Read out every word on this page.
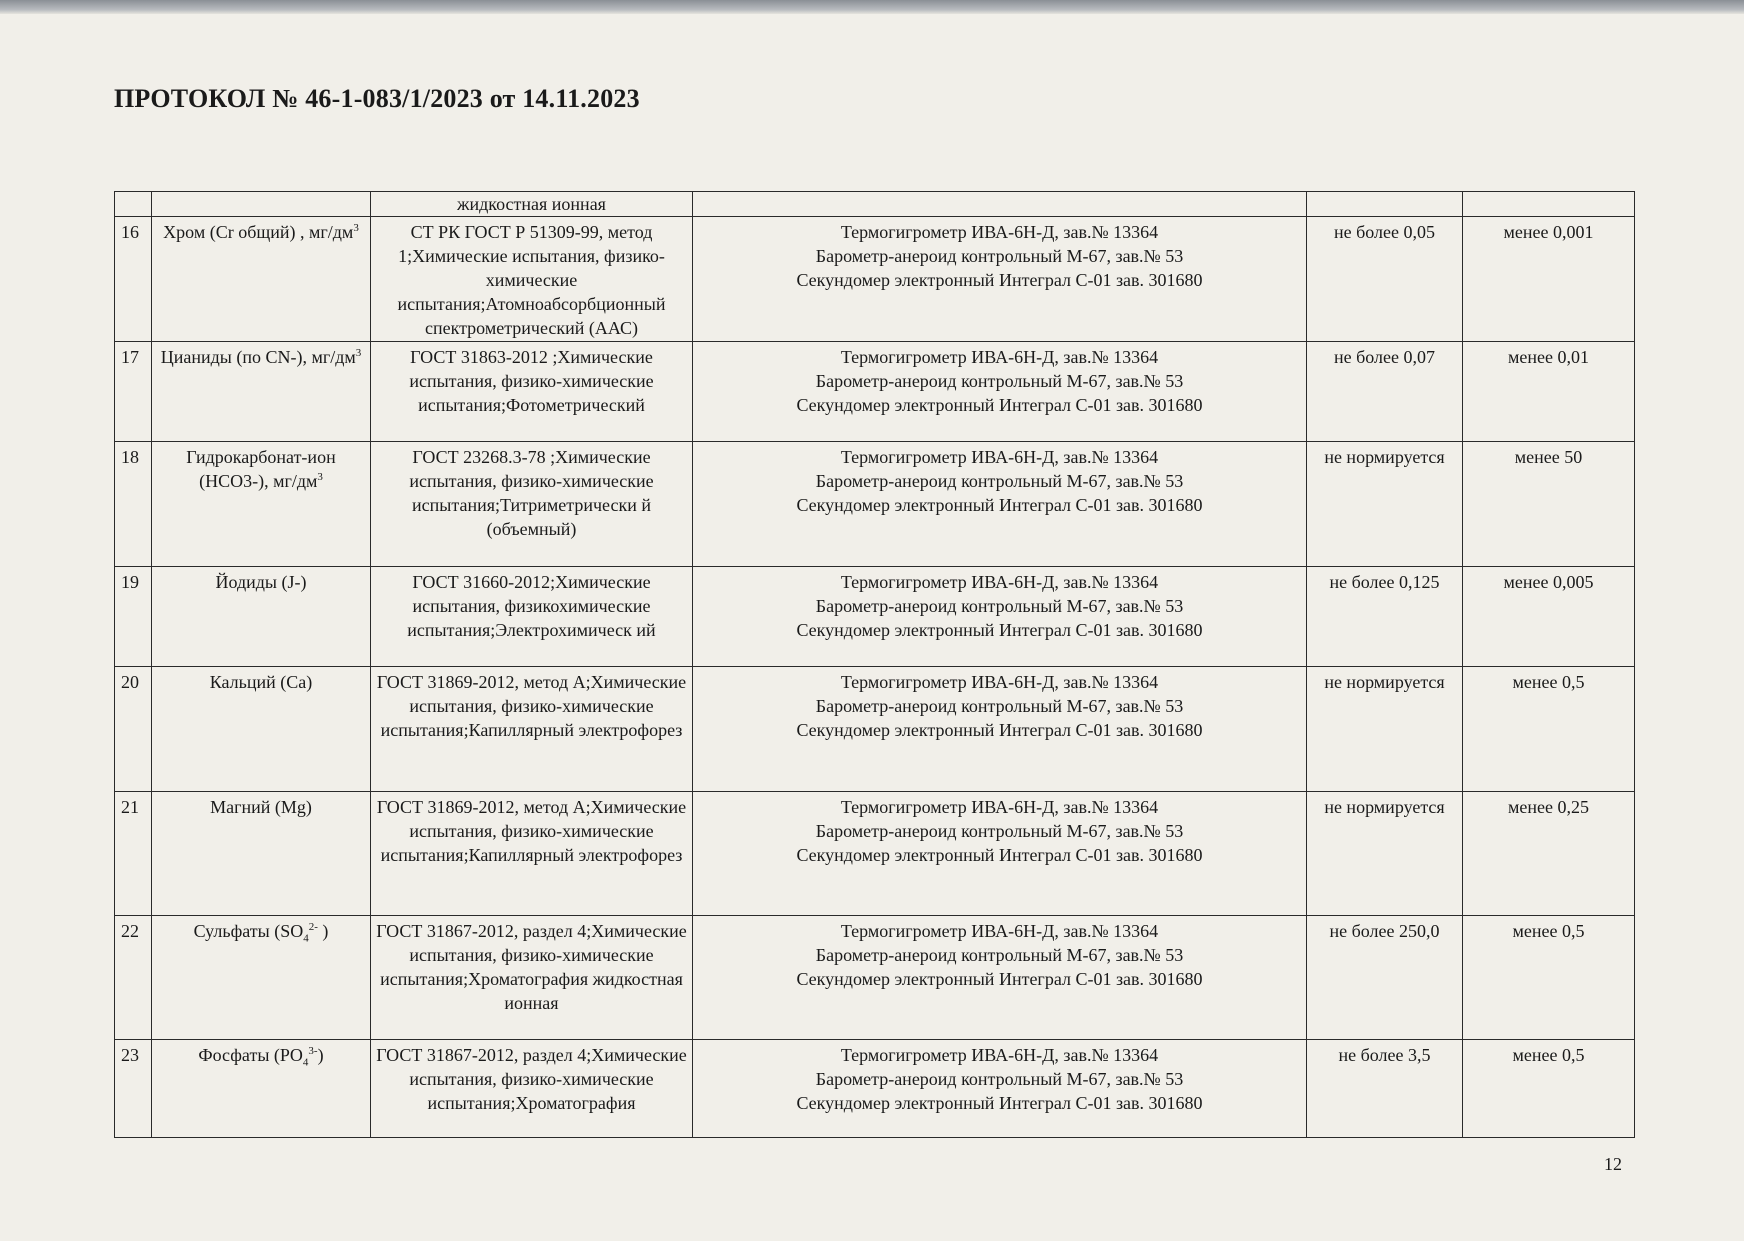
ПРОТОКОЛ № 46-1-083/1/2023 от 14.11.2023
		жидкостная ионная			
16	Хром (Cr общий) , $мг/дм^3$	СТ РК ГОСТ Р 51309-99, метод 1;Химические испытания, физико-химические испытания;Атомноабсорбционный спектрометрический (ААС)	Термогигрометр ИВА-6Н-Д, зав.№ 13364
Барометр-анероид контрольный М-67, зав.№ 53
Секундомер электронный Интеграл С-01 зав. 301680	не более 0,05	менее 0,001
17	Цианиды (по CN-), $мг/дм^3$	ГОСТ 31863-2012 ;Химические испытания, физико-химические испытания;Фотометрический	Термогигрометр ИВА-6Н-Д, зав.№ 13364
Барометр-анероид контрольный М-67, зав.№ 53
Секундомер электронный Интеграл С-01 зав. 301680	не более 0,07	менее 0,01
18	Гидрокарбонат-ион (HCO3-), $мг/дм^3$	ГОСТ 23268.3-78 ;Химические испытания, физико-химические испытания;Титриметрически й (объемный)	Термогигрометр ИВА-6Н-Д, зав.№ 13364
Барометр-анероид контрольный М-67, зав.№ 53
Секундомер электронный Интеграл С-01 зав. 301680	не нормируется	менее 50
19	Йодиды (J-)	ГОСТ 31660-2012;Химические испытания, физикохимические испытания;Электрохимическ ий	Термогигрометр ИВА-6Н-Д, зав.№ 13364
Барометр-анероид контрольный М-67, зав.№ 53
Секундомер электронный Интеграл С-01 зав. 301680	не более 0,125	менее 0,005
20	Кальций (Ca)	ГОСТ 31869-2012, метод А;Химические испытания, физико-химические испытания;Капиллярный электрофорез	Термогигрометр ИВА-6Н-Д, зав.№ 13364
Барометр-анероид контрольный М-67, зав.№ 53
Секундомер электронный Интеграл С-01 зав. 301680	не нормируется	менее 0,5
21	Магний (Mg)	ГОСТ 31869-2012, метод А;Химические испытания, физико-химические испытания;Капиллярный электрофорез	Термогигрометр ИВА-6Н-Д, зав.№ 13364
Барометр-анероид контрольный М-67, зав.№ 53
Секундомер электронный Интеграл С-01 зав. 301680	не нормируется	менее 0,25
22	Сульфаты ($SO_4^{2-}$ )	ГОСТ 31867-2012, раздел 4;Химические испытания, физико-химические испытания;Хроматография жидкостная ионная	Термогигрометр ИВА-6Н-Д, зав.№ 13364
Барометр-анероид контрольный М-67, зав.№ 53
Секундомер электронный Интеграл С-01 зав. 301680	не более 250,0	менее 0,5
23	Фосфаты $(PO_4^{3-})$	ГОСТ 31867-2012, раздел 4;Химические испытания, физико-химические испытания;Хроматография	Термогигрометр ИВА-6Н-Д, зав.№ 13364
Барометр-анероид контрольный М-67, зав.№ 53
Секундомер электронный Интеграл С-01 зав. 301680	не более 3,5	менее 0,5
12
